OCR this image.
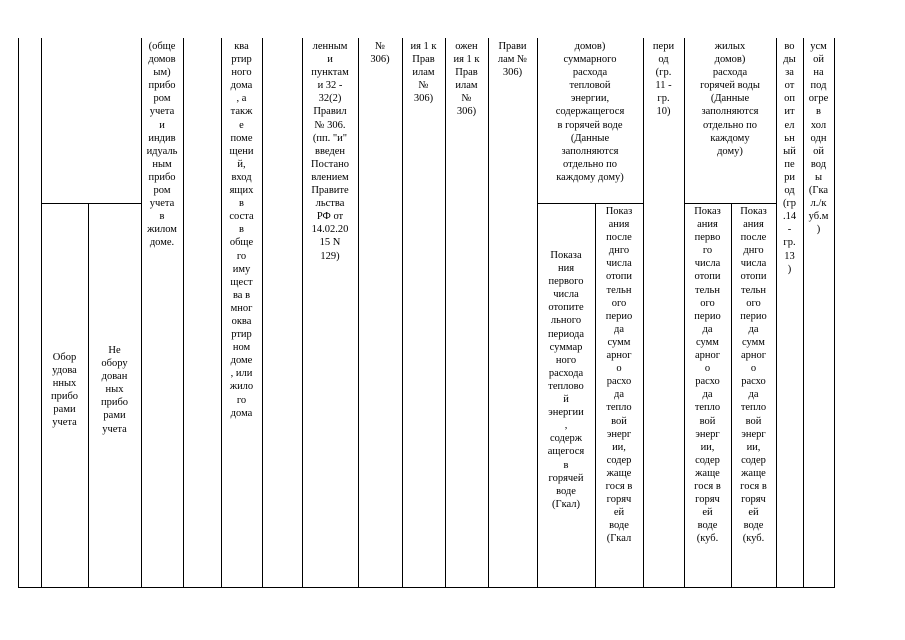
(обще
домов
ым)
прибо
ром
учета
и
индив
идуаль
ным
прибо
ром
учета
в
жилом
доме.
ква
ртир
ного
дома
, а
такж
е
поме
щени
й,
вход
ящих
в
соста
в
обще
го
иму
щест
ва в
мног
оква
ртир
ном
доме
, или
жило
го
дома
ленным
и
пунктам
и 32 -
32(2)
Правил
№ 306.
(пп. "и"
введен
Постано
влением
Правите
льства
РФ от
14.02.20
15 N
129)
№
306)
ия 1 к
Прав
илам
№
306)
ожен
ия 1 к
Прав
илам
№
306)
Прави
лам №
306)
домов)
суммарного
расхода
тепловой
энергии,
содержащегося
в горячей воде
(Данные
заполняются
отдельно по
каждому дому)
пери
од
(гр.
11 -
гр.
10)
жилых
домов)
расхода
горячей воды
(Данные
заполняются
отдельно по
каждому
дому)
во
ды
за
от
оп
ит
ел
ьн
ый
пе
ри
од
(гр
.14
-
гр.
13
)
усм
ой
на
под
огре
в
хол
одн
ой
вод
ы
(Гка
л./к
уб.м
)
Обор
удова
нных
прибо
рами
учета
Не
обору
дован
ных
прибо
рами
учета
Показа
ния
первого
числа
отопите
льного
периода
суммар
ного
расхода
теплово
й
энергии
,
содерж
ащегося
в
горячей
воде
(Гкал)
Показ
ания
после
днго
числа
отопи
тельн
ого
перио
да
сумм
арног
о
расхо
да
тепло
вой
энерг
ии,
содер
жаще
гося в
горяч
ей
воде
(Гкал
Показ
ания
перво
го
числа
отопи
тельн
ого
перио
да
сумм
арног
о
расхо
да
тепло
вой
энерг
ии,
содер
жаще
гося в
горяч
ей
воде
(куб.
Показ
ания
после
днго
числа
отопи
тельн
ого
перио
да
сумм
арног
о
расхо
да
тепло
вой
энерг
ии,
содер
жаще
гося в
горяч
ей
воде
(куб.
